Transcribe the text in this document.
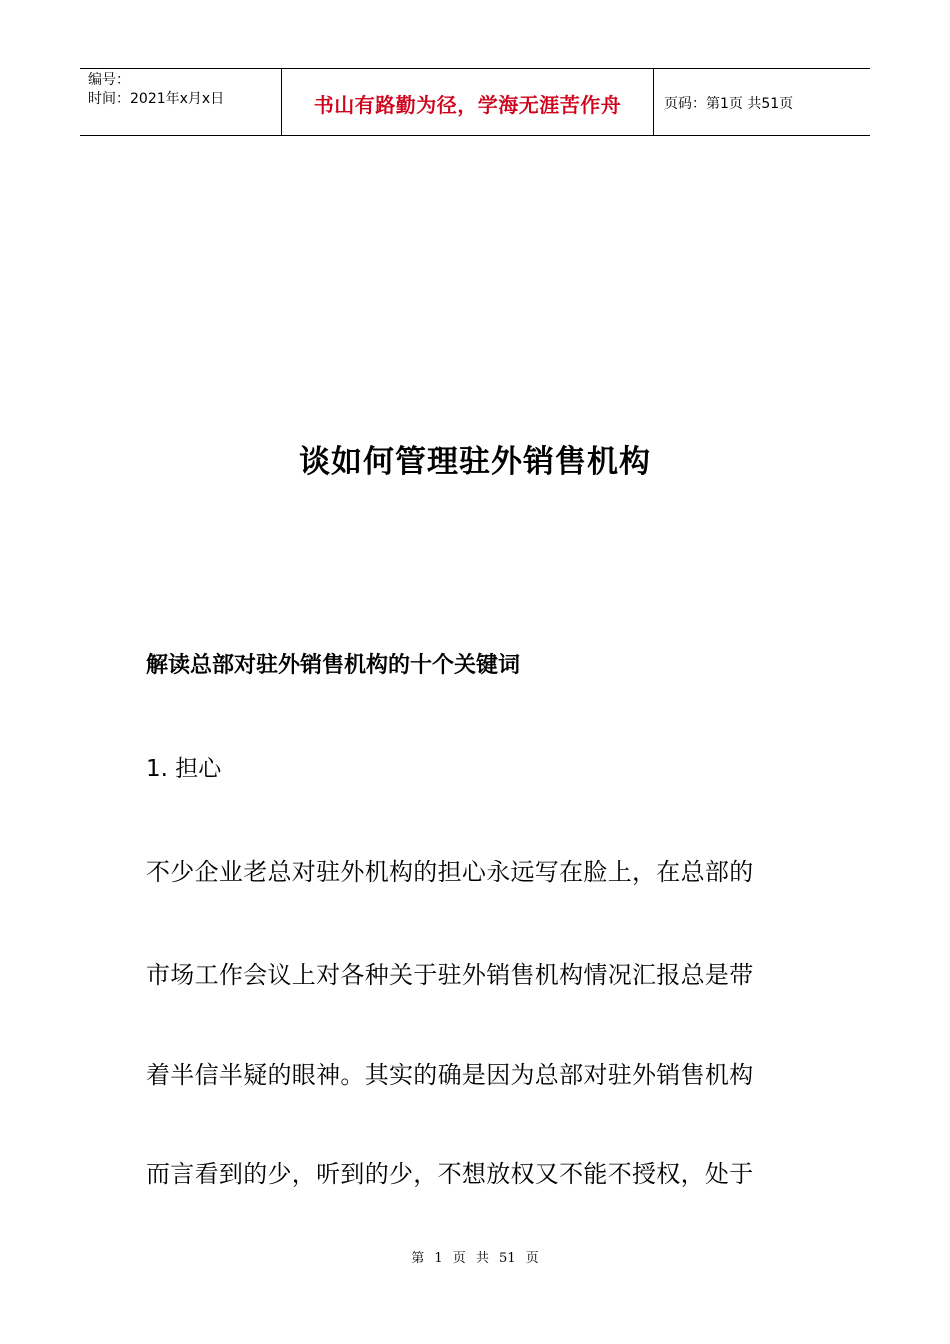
编号：
时间：2021年x月x日	书山有路勤为径，学海无涯苦作舟	页码：第1页 共51页
谈如何管理驻外销售机构
解读总部对驻外销售机构的十个关键词
1. 担心
不少企业老总对驻外机构的担心永远写在脸上，在总部的
市场工作会议上对各种关于驻外销售机构情况汇报总是带
着半信半疑的眼神。其实的确是因为总部对驻外销售机构
而言看到的少，听到的少，不想放权又不能不授权，处于
第 1 页 共 51 页
